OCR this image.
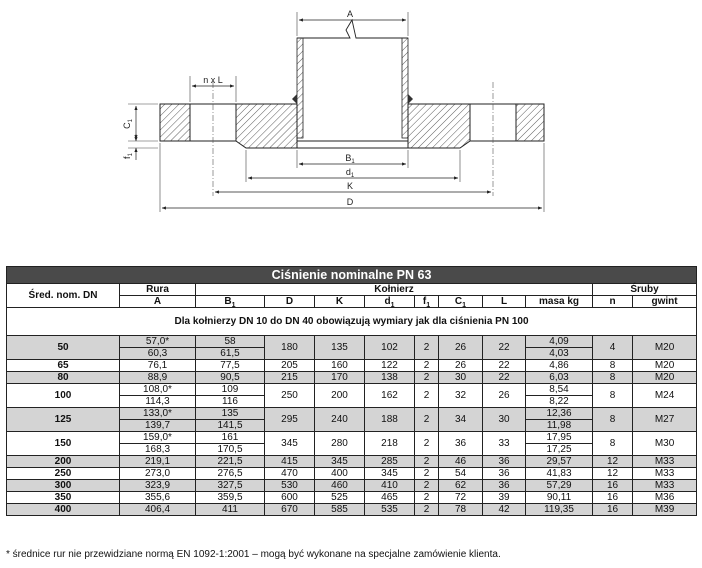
A
n x L
$C_1$
$f_1$	$B_1$
$d_1$
K
D
Ciśnienie nominalne PN 63											
Śred. nom. DN	Rura	Kołnierz								Śruby	
	A	$B_1$	D	K	$d_1$	$f_1$	$C_1$	L	masa kg	n	gwint
Dla kołnierzy DN 10 do DN 40 obowiązują wymiary jak dla ciśnienia PN 100											
50	57,0*	58	180	135	102	2	26	22	4,09	4	M20
	60,3	61,5							4,03		
65	76,1	77,5	205	160	122	2	26	22	4,86	8	M20
80	88,9	90,5	215	170	138	2	30	22	6,03	8	M20
100	108,0*	109	250	200	162	2	32	26	8,54	8	M24
	114,3	116							8,22		
125	133,0*	135	295	240	188	2	34	30	12,36	8	M27
	139,7	141,5							11,98		
150	159,0*	161	345	280	218	2	36	33	17,95	8	M30
	168,3	170,5							17,25		
200	219,1	221,5	415	345	285	2	46	36	29,57	12	M33
250	273,0	276,5	470	400	345	2	54	36	41,83	12	M33
300	323,9	327,5	530	460	410	2	62	36	57,29	16	M33
350	355,6	359,5	600	525	465	2	72	39	90,11	16	M36
400	406,4	411	670	585	535	2	78	42	119,35	16	M39
* średnice rur nie przewidziane normą EN 1092-1:2001 – mogą być wykonane na specjalne zamówienie klienta.
